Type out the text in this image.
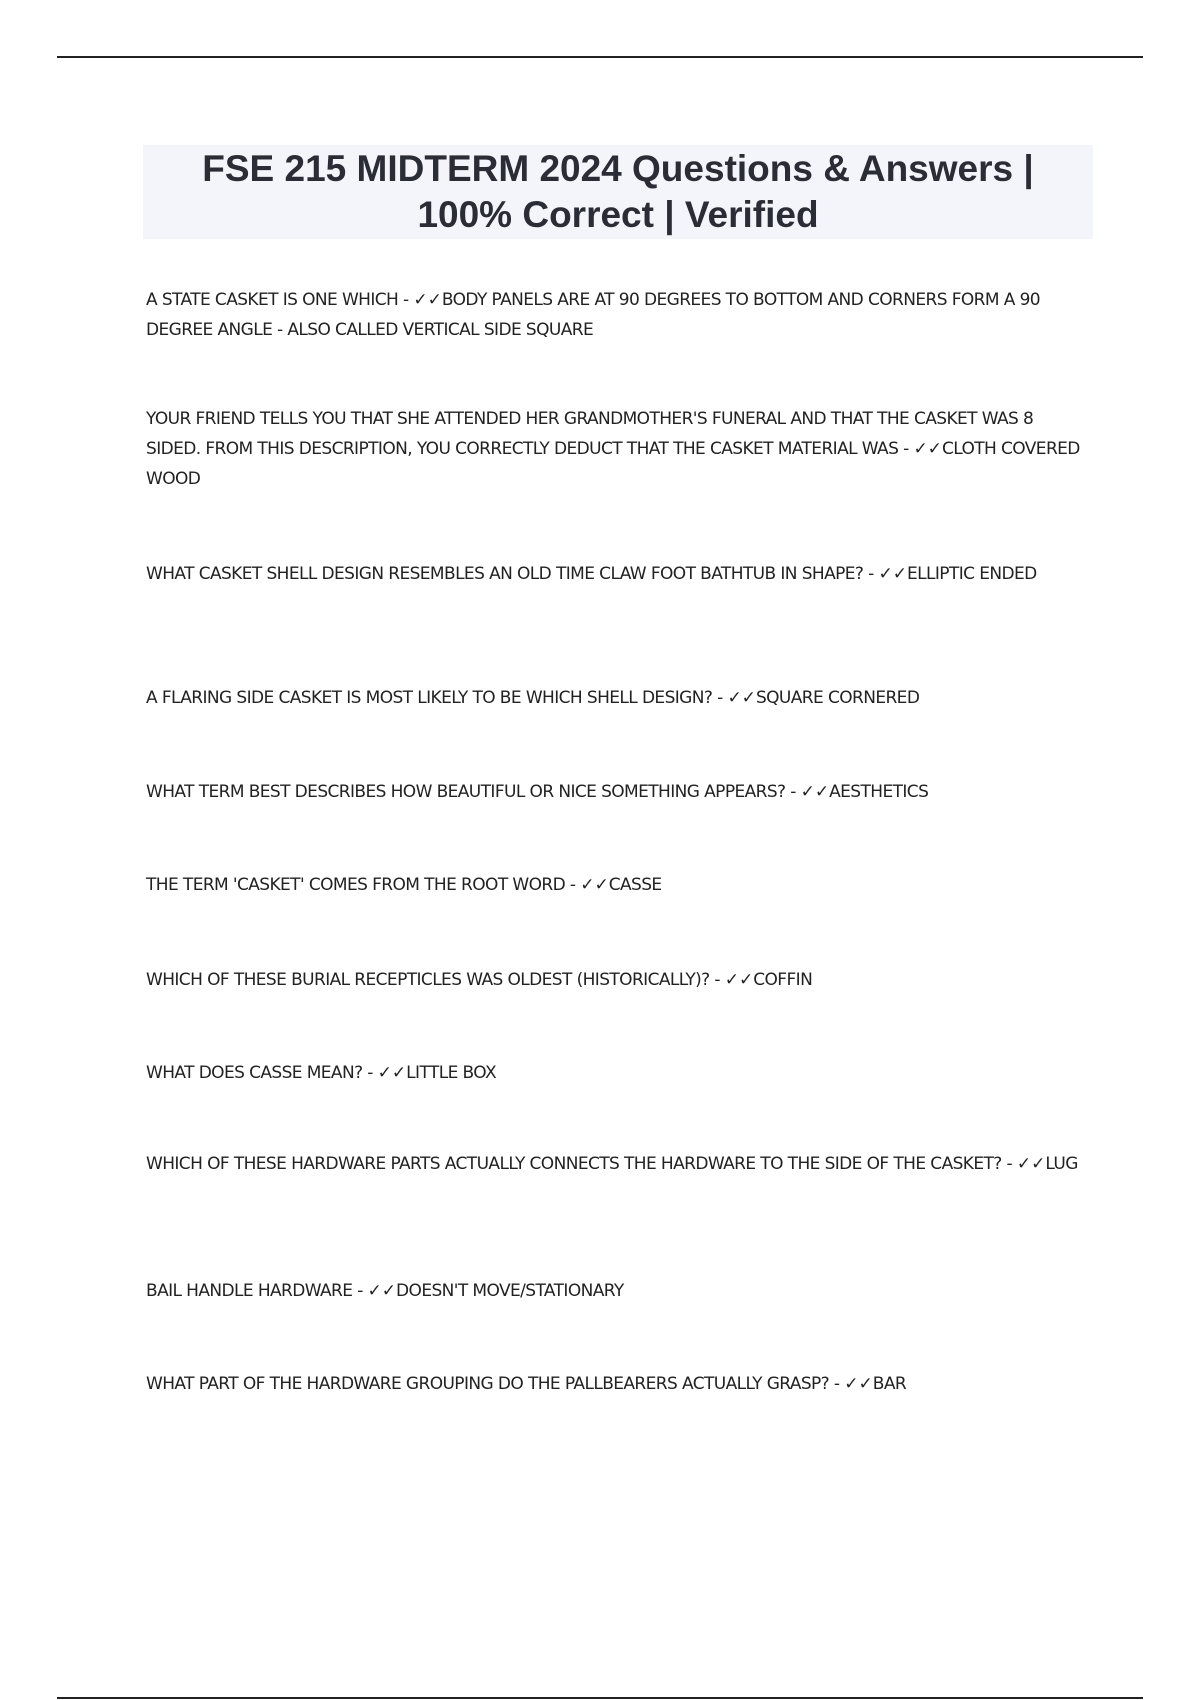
FSE 215 MIDTERM 2024 Questions & Answers |
100% Correct | Verified
A STATE CASKET IS ONE WHICH - ✓✓BODY PANELS ARE AT 90 DEGREES TO BOTTOM AND CORNERS FORM A 90 DEGREE ANGLE - ALSO CALLED VERTICAL SIDE SQUARE
YOUR FRIEND TELLS YOU THAT SHE ATTENDED HER GRANDMOTHER'S FUNERAL AND THAT THE CASKET WAS 8 SIDED. FROM THIS DESCRIPTION, YOU CORRECTLY DEDUCT THAT THE CASKET MATERIAL WAS - ✓✓CLOTH COVERED WOOD
WHAT CASKET SHELL DESIGN RESEMBLES AN OLD TIME CLAW FOOT BATHTUB IN SHAPE? - ✓✓ELLIPTIC ENDED
A FLARING SIDE CASKET IS MOST LIKELY TO BE WHICH SHELL DESIGN? - ✓✓SQUARE CORNERED
WHAT TERM BEST DESCRIBES HOW BEAUTIFUL OR NICE SOMETHING APPEARS? - ✓✓AESTHETICS
THE TERM 'CASKET' COMES FROM THE ROOT WORD - ✓✓CASSE
WHICH OF THESE BURIAL RECEPTICLES WAS OLDEST (HISTORICALLY)? - ✓✓COFFIN
WHAT DOES CASSE MEAN? - ✓✓LITTLE BOX
WHICH OF THESE HARDWARE PARTS ACTUALLY CONNECTS THE HARDWARE TO THE SIDE OF THE CASKET? - ✓✓LUG
BAIL HANDLE HARDWARE - ✓✓DOESN'T MOVE/STATIONARY
WHAT PART OF THE HARDWARE GROUPING DO THE PALLBEARERS ACTUALLY GRASP? - ✓✓BAR
